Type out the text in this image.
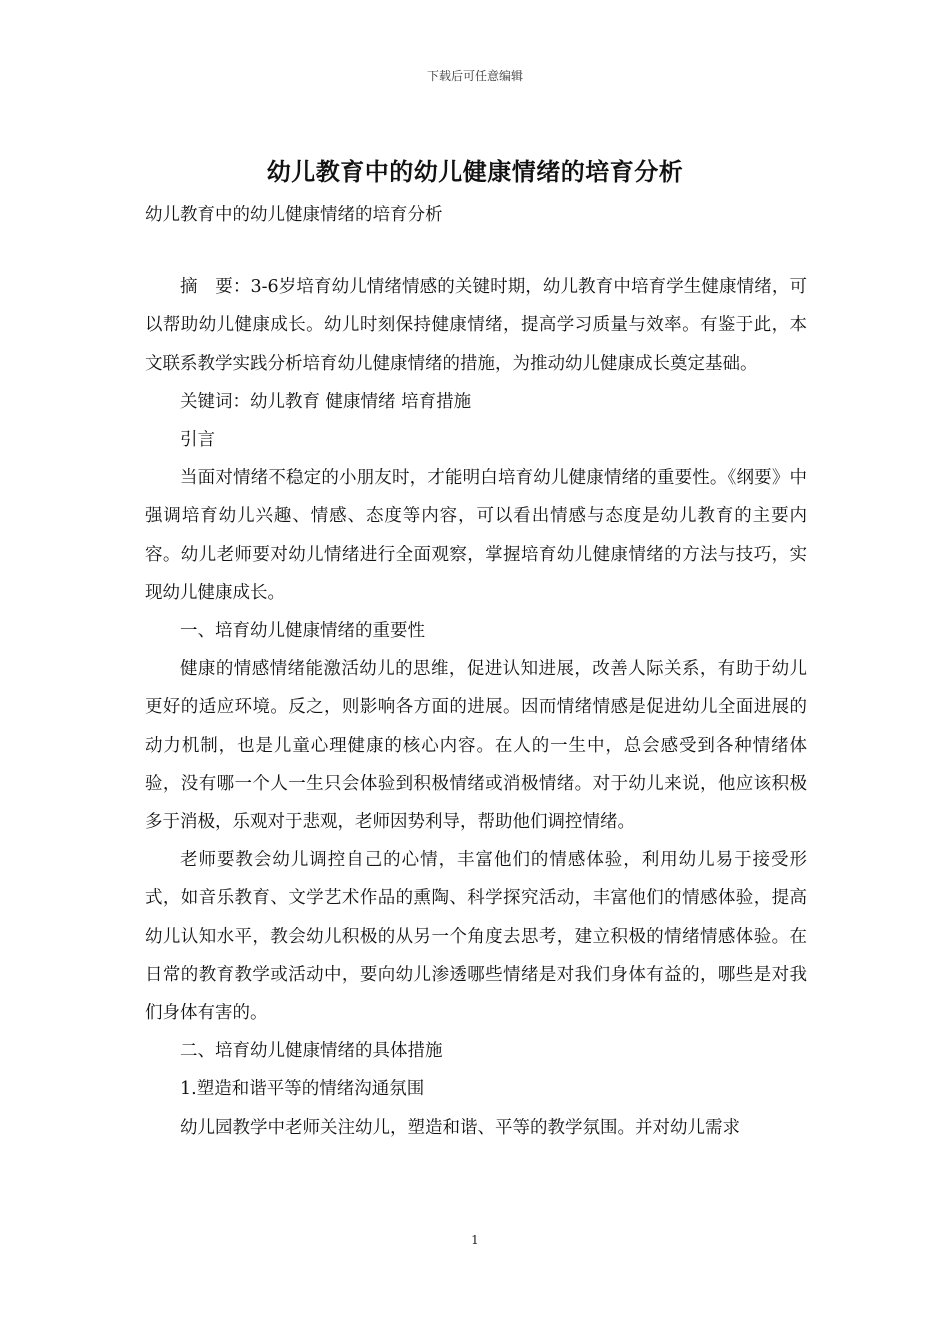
下载后可任意编辑
幼儿教育中的幼儿健康情绪的培育分析

幼儿教育中的幼儿健康情绪的培育分析

摘　要：3-6岁培育幼儿情绪情感的关键时期，幼儿教育中培育学生健康情绪，可以帮助幼儿健康成长。幼儿时刻保持健康情绪，提高学习质量与效率。有鉴于此，本文联系教学实践分析培育幼儿健康情绪的措施，为推动幼儿健康成长奠定基础。

关键词：幼儿教育 健康情绪 培育措施

引言

当面对情绪不稳定的小朋友时，才能明白培育幼儿健康情绪的重要性。《纲要》中强调培育幼儿兴趣、情感、态度等内容，可以看出情感与态度是幼儿教育的主要内容。幼儿老师要对幼儿情绪进行全面观察，掌握培育幼儿健康情绪的方法与技巧，实现幼儿健康成长。

一、培育幼儿健康情绪的重要性

健康的情感情绪能激活幼儿的思维，促进认知进展，改善人际关系，有助于幼儿更好的适应环境。反之，则影响各方面的进展。因而情绪情感是促进幼儿全面进展的动力机制，也是儿童心理健康的核心内容。在人的一生中，总会感受到各种情绪体验，没有哪一个人一生只会体验到积极情绪或消极情绪。对于幼儿来说，他应该积极多于消极，乐观对于悲观，老师因势利导，帮助他们调控情绪。

老师要教会幼儿调控自己的心情，丰富他们的情感体验，利用幼儿易于接受形式，如音乐教育、文学艺术作品的熏陶、科学探究活动，丰富他们的情感体验，提高幼儿认知水平，教会幼儿积极的从另一个角度去思考，建立积极的情绪情感体验。在日常的教育教学或活动中，要向幼儿渗透哪些情绪是对我们身体有益的，哪些是对我们身体有害的。

二、培育幼儿健康情绪的具体措施

1.塑造和谐平等的情绪沟通氛围

幼儿园教学中老师关注幼儿，塑造和谐、平等的教学氛围。并对幼儿需求

1
